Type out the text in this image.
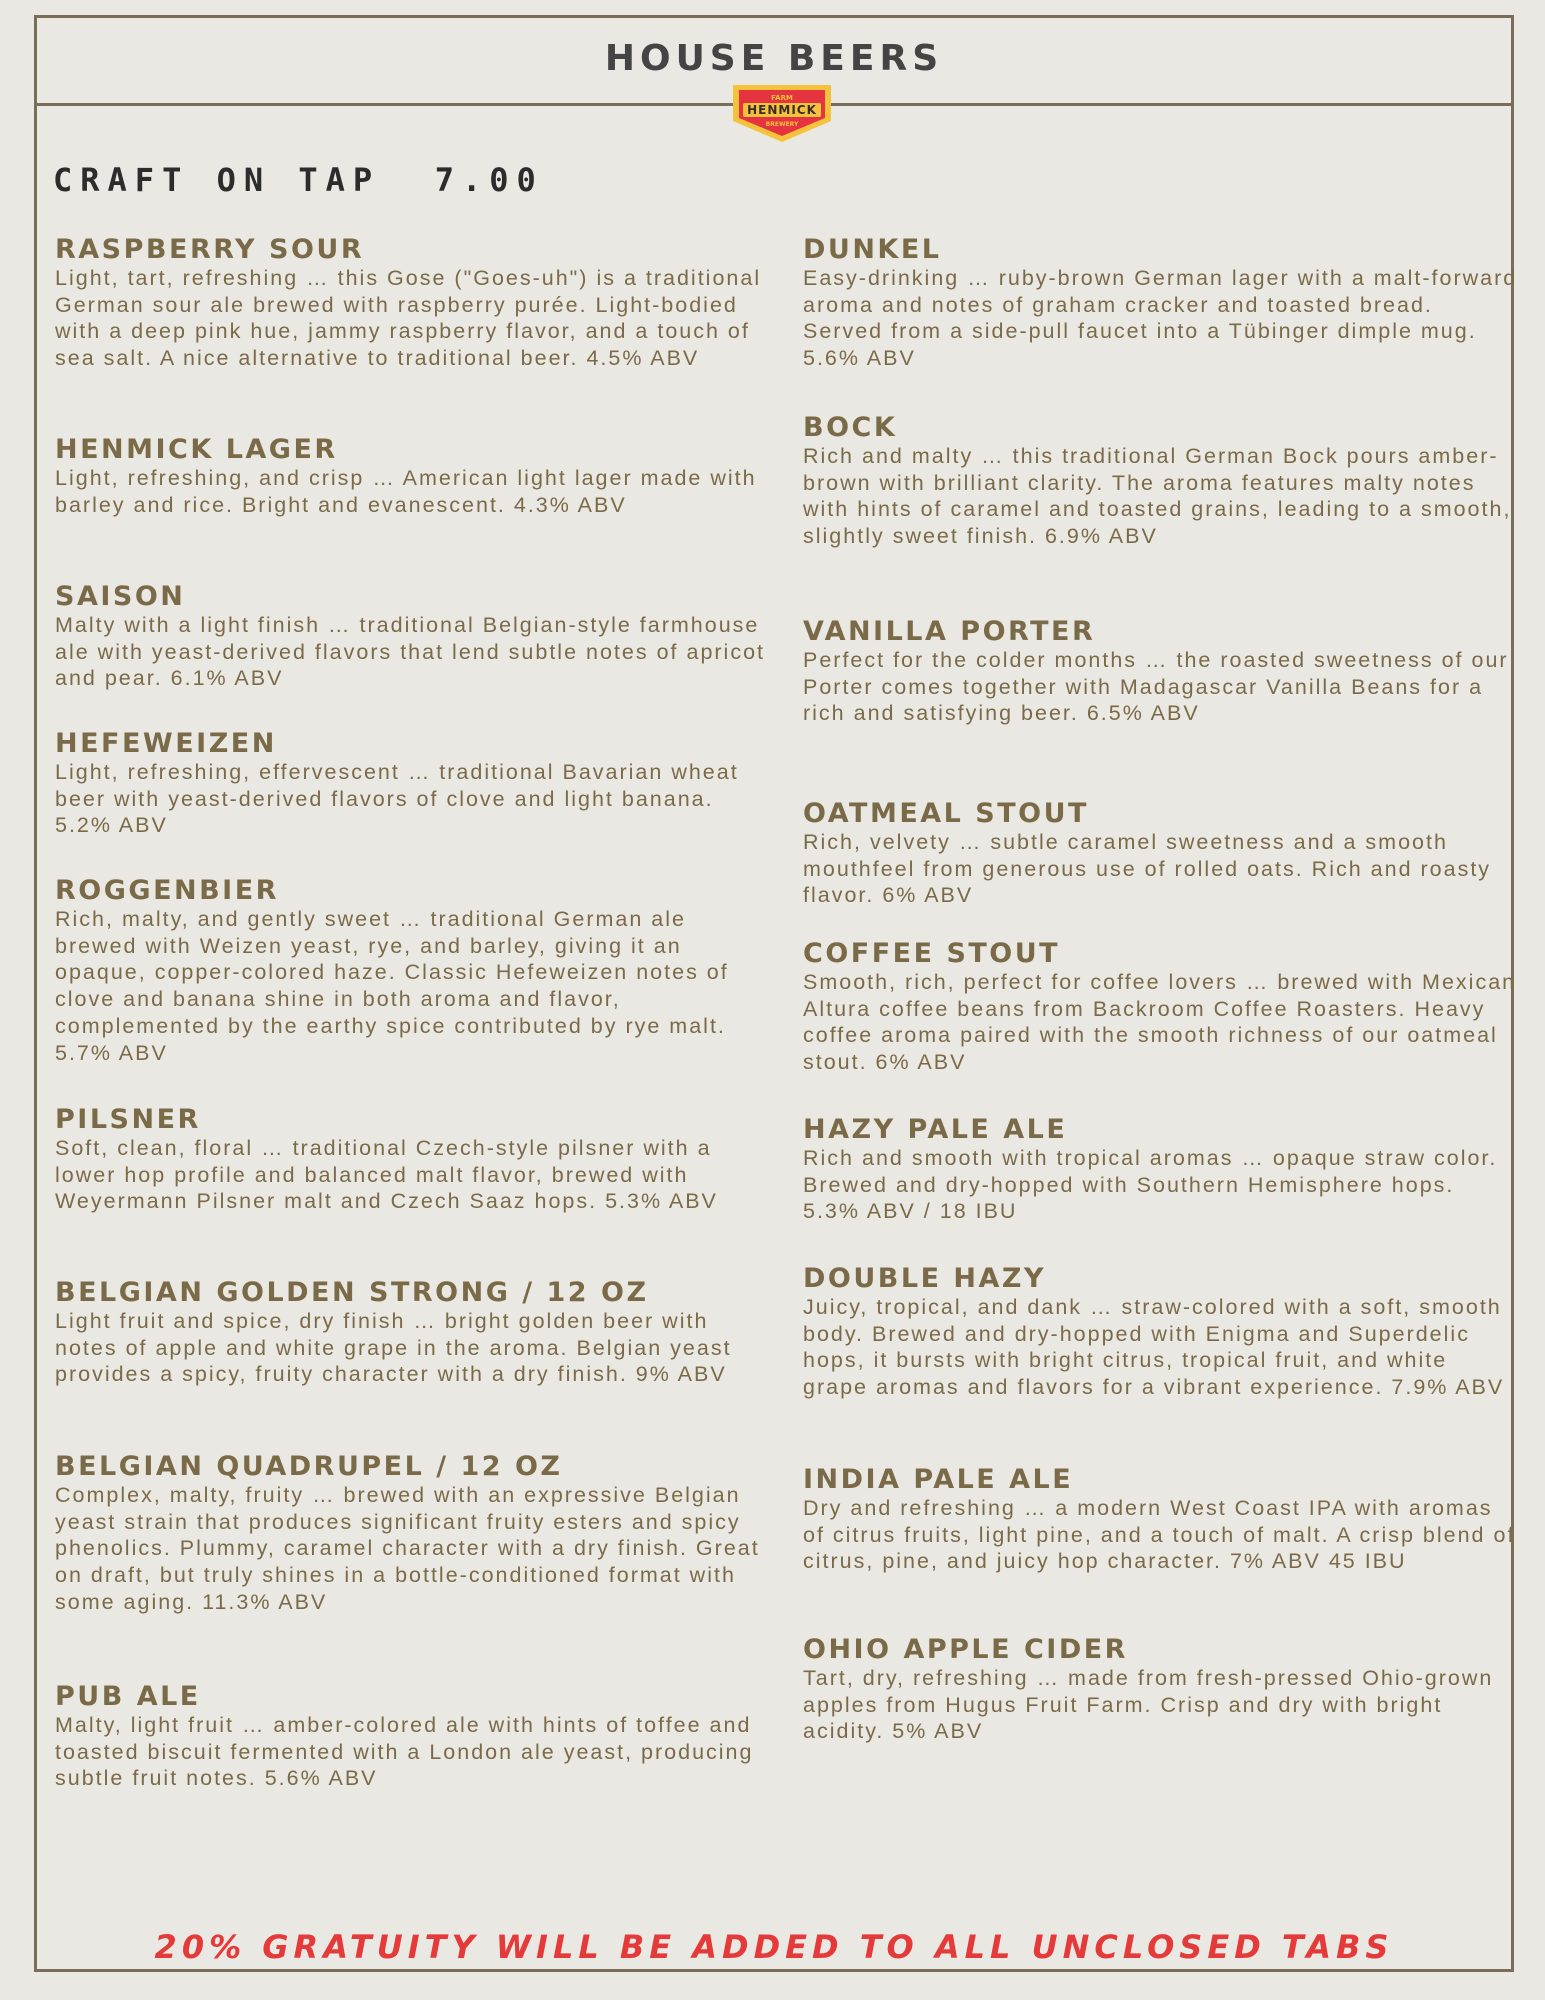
HOUSE BEERS
FARM
HENMICK
BREWERY
CRAFT ON TAP  7.00
RASPBERRY SOUR
Light, tart, refreshing … this Gose ("Goes-uh") is a traditional German sour ale brewed with raspberry purée. Light-bodied with a deep pink hue, jammy raspberry flavor, and a touch of sea salt. A nice alternative to traditional beer. 4.5% ABV
HENMICK LAGER
Light, refreshing, and crisp … American light lager made with barley and rice. Bright and evanescent. 4.3% ABV
SAISON
Malty with a light finish … traditional Belgian-style farmhouse ale with yeast-derived flavors that lend subtle notes of apricot and pear. 6.1% ABV
HEFEWEIZEN
Light, refreshing, effervescent … traditional Bavarian wheat beer with yeast-derived flavors of clove and light banana. 5.2% ABV
ROGGENBIER
Rich, malty, and gently sweet … traditional German ale brewed with Weizen yeast, rye, and barley, giving it an opaque, copper-colored haze. Classic Hefeweizen notes of clove and banana shine in both aroma and flavor, complemented by the earthy spice contributed by rye malt. 5.7% ABV
PILSNER
Soft, clean, floral … traditional Czech-style pilsner with a lower hop profile and balanced malt flavor, brewed with Weyermann Pilsner malt and Czech Saaz hops. 5.3% ABV
BELGIAN GOLDEN STRONG / 12 OZ
Light fruit and spice, dry finish … bright golden beer with notes of apple and white grape in the aroma. Belgian yeast provides a spicy, fruity character with a dry finish. 9% ABV
BELGIAN QUADRUPEL / 12 OZ
Complex, malty, fruity … brewed with an expressive Belgian yeast strain that produces significant fruity esters and spicy phenolics. Plummy, caramel character with a dry finish. Great on draft, but truly shines in a bottle-conditioned format with some aging. 11.3% ABV
PUB ALE
Malty, light fruit … amber-colored ale with hints of toffee and toasted biscuit fermented with a London ale yeast, producing subtle fruit notes. 5.6% ABV
DUNKEL
Easy-drinking … ruby-brown German lager with a malt-forward aroma and notes of graham cracker and toasted bread. Served from a side-pull faucet into a Tübinger dimple mug. 5.6% ABV
BOCK
Rich and malty … this traditional German Bock pours amber-brown with brilliant clarity. The aroma features malty notes with hints of caramel and toasted grains, leading to a smooth, slightly sweet finish. 6.9% ABV
VANILLA PORTER
Perfect for the colder months … the roasted sweetness of our Porter comes together with Madagascar Vanilla Beans for a rich and satisfying beer. 6.5% ABV
OATMEAL STOUT
Rich, velvety … subtle caramel sweetness and a smooth mouthfeel from generous use of rolled oats. Rich and roasty flavor. 6% ABV
COFFEE STOUT
Smooth, rich, perfect for coffee lovers … brewed with Mexican Altura coffee beans from Backroom Coffee Roasters. Heavy coffee aroma paired with the smooth richness of our oatmeal stout. 6% ABV
HAZY PALE ALE
Rich and smooth with tropical aromas … opaque straw color. Brewed and dry-hopped with Southern Hemisphere hops. 5.3% ABV / 18 IBU
DOUBLE HAZY
Juicy, tropical, and dank … straw-colored with a soft, smooth body. Brewed and dry-hopped with Enigma and Superdelic hops, it bursts with bright citrus, tropical fruit, and white grape aromas and flavors for a vibrant experience. 7.9% ABV
INDIA PALE ALE
Dry and refreshing … a modern West Coast IPA with aromas of citrus fruits, light pine, and a touch of malt. A crisp blend of citrus, pine, and juicy hop character. 7% ABV 45 IBU
OHIO APPLE CIDER
Tart, dry, refreshing … made from fresh-pressed Ohio-grown apples from Hugus Fruit Farm. Crisp and dry with bright acidity. 5% ABV
20% GRATUITY WILL BE ADDED TO ALL UNCLOSED TABS
